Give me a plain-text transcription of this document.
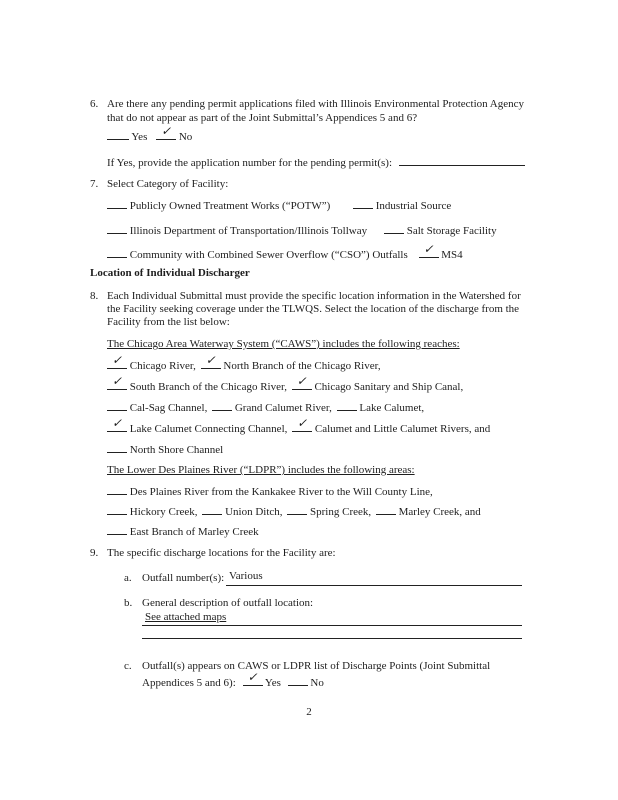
6. Are there any pending permit applications filed with Illinois Environmental Protection Agency
that do not appear as part of the Joint Submittal’s Appendices 5 and 6?
Yes	✓ No
If Yes, provide the application number for the pending permit(s):
7. Select Category of Facility:
Publicly Owned Treatment Works (“POTW”)	Industrial Source
Illinois Department of Transportation/Illinois Tollway	Salt Storage Facility
Community with Combined Sewer Overflow (“CSO”) Outfalls	✓ MS4
Location of Individual Discharger
8. Each Individual Submittal must provide the specific location information in the Watershed for
the Facility seeking coverage under the TLWQS. Select the location of the discharge from the
Facility from the list below:
The Chicago Area Waterway System (“CAWS”) includes the following reaches:
✓ Chicago River, ✓ North Branch of the Chicago River,
✓ South Branch of the Chicago River, ✓ Chicago Sanitary and Ship Canal,
Cal-Sag Channel,	Grand Calumet River,	Lake Calumet,
✓ Lake Calumet Connecting Channel, ✓ Calumet and Little Calumet Rivers, and
North Shore Channel
The Lower Des Plaines River (“LDPR”) includes the following areas:
Des Plaines River from the Kankakee River to the Will County Line,
Hickory Creek,	Union Ditch,	Spring Creek,	Marley Creek, and
East Branch of Marley Creek
9. The specific discharge locations for the Facility are:
a. Outfall number(s): Various
b. General description of outfall location:
See attached maps
c. Outfall(s) appears on CAWS or LDPR list of Discharge Points (Joint Submittal
Appendices 5 and 6): ✓ Yes	No
2
